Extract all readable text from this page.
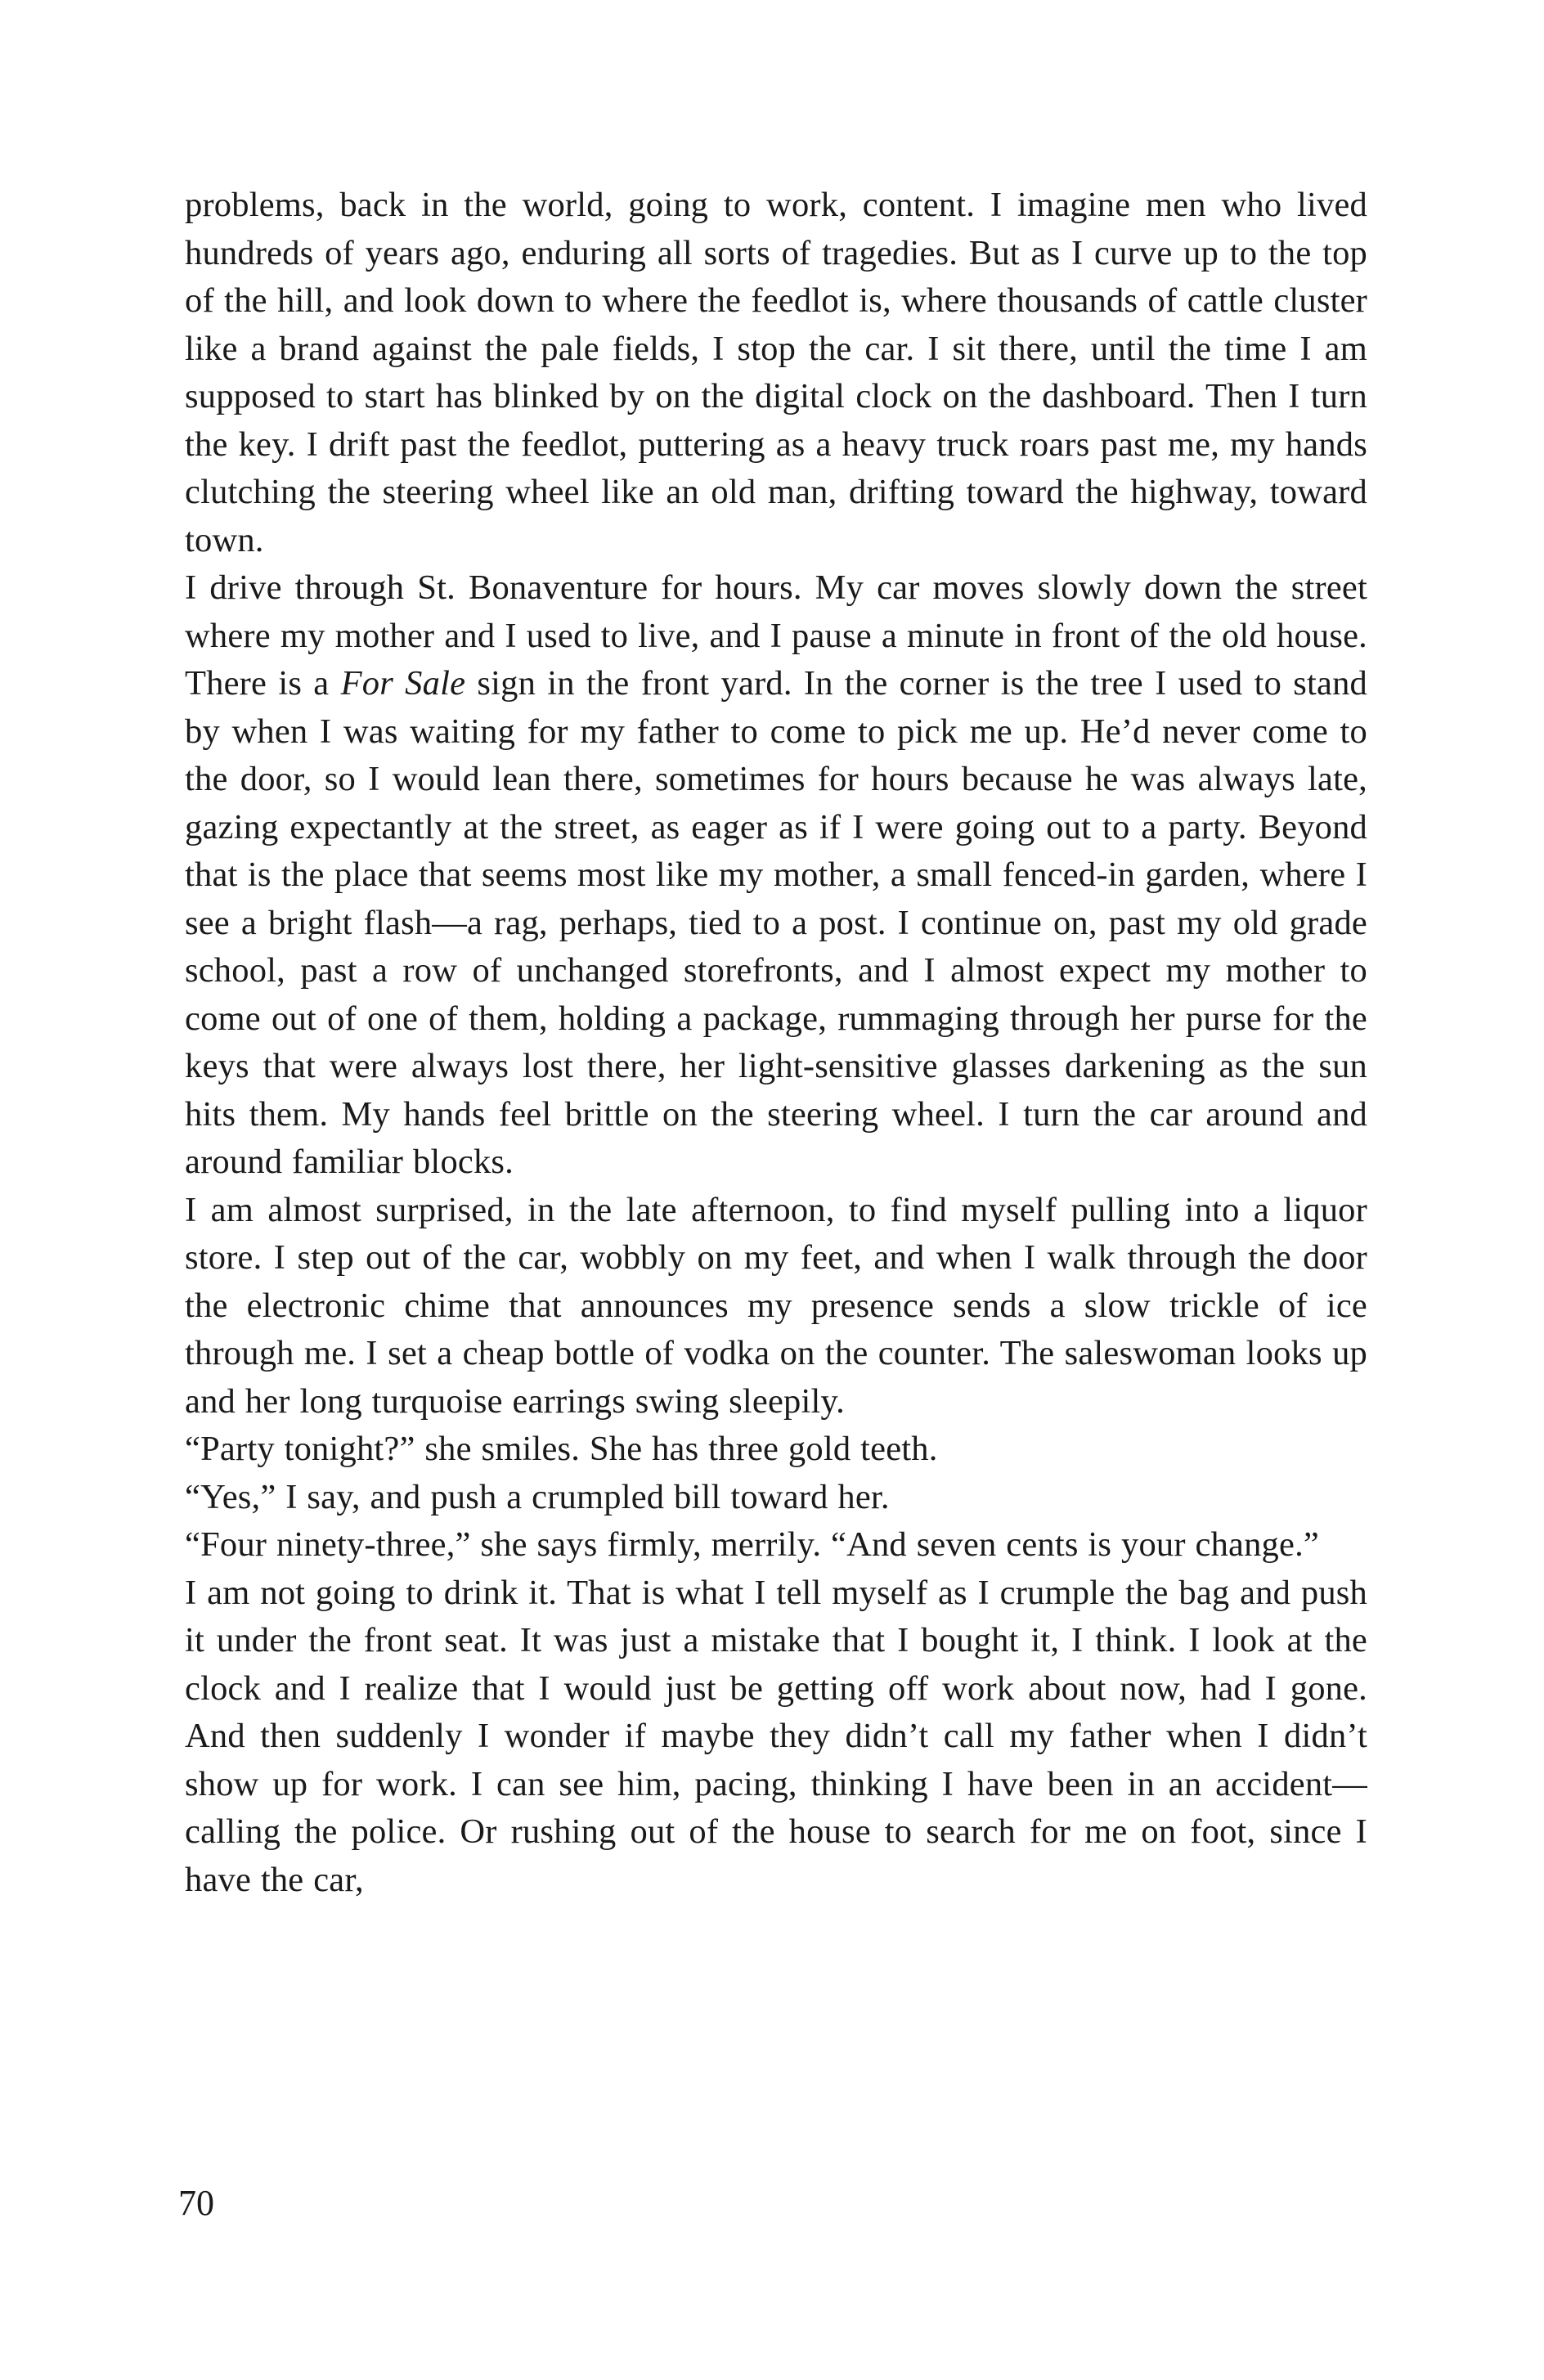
problems, back in the world, going to work, content. I imagine men who lived hundreds of years ago, enduring all sorts of tragedies. But as I curve up to the top of the hill, and look down to where the feedlot is, where thousands of cattle cluster like a brand against the pale fields, I stop the car. I sit there, until the time I am supposed to start has blinked by on the digital clock on the dashboard. Then I turn the key. I drift past the feedlot, puttering as a heavy truck roars past me, my hands clutching the steering wheel like an old man, drifting toward the highway, toward town.

I drive through St. Bonaventure for hours. My car moves slowly down the street where my mother and I used to live, and I pause a minute in front of the old house. There is a For Sale sign in the front yard. In the corner is the tree I used to stand by when I was waiting for my father to come to pick me up. He’d never come to the door, so I would lean there, sometimes for hours because he was always late, gazing expectantly at the street, as eager as if I were going out to a party. Beyond that is the place that seems most like my mother, a small fenced-in garden, where I see a bright flash—a rag, perhaps, tied to a post. I continue on, past my old grade school, past a row of unchanged storefronts, and I almost expect my mother to come out of one of them, holding a package, rummaging through her purse for the keys that were always lost there, her light-sensitive glasses darkening as the sun hits them. My hands feel brittle on the steering wheel. I turn the car around and around familiar blocks.

I am almost surprised, in the late afternoon, to find myself pulling into a liquor store. I step out of the car, wobbly on my feet, and when I walk through the door the electronic chime that announces my presence sends a slow trickle of ice through me. I set a cheap bottle of vodka on the counter. The saleswoman looks up and her long turquoise earrings swing sleepily.

“Party tonight?” she smiles. She has three gold teeth.

“Yes,” I say, and push a crumpled bill toward her.

“Four ninety-three,” she says firmly, merrily. “And seven cents is your change.”

I am not going to drink it. That is what I tell myself as I crumple the bag and push it under the front seat. It was just a mistake that I bought it, I think. I look at the clock and I realize that I would just be getting off work about now, had I gone. And then suddenly I wonder if maybe they didn’t call my father when I didn’t show up for work. I can see him, pacing, thinking I have been in an accident—calling the police. Or rushing out of the house to search for me on foot, since I have the car,

70
